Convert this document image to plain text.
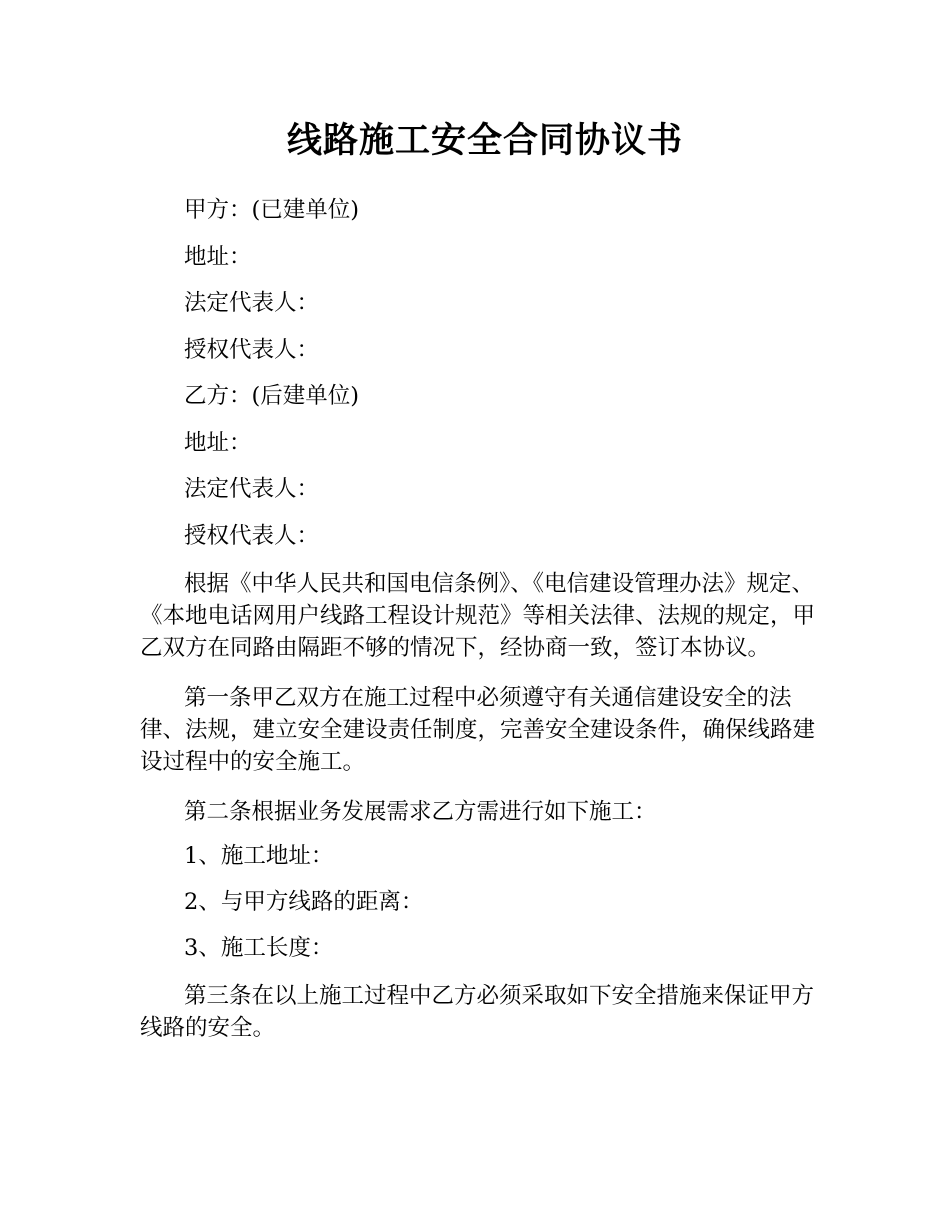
线路施工安全合同协议书

甲方：(已建单位)

地址：

法定代表人：

授权代表人：

乙方：(后建单位)

地址：

法定代表人：

授权代表人：

根据《中华人民共和国电信条例》、《电信建设管理办法》规定、《本地电话网用户线路工程设计规范》等相关法律、法规的规定，甲乙双方在同路由隔距不够的情况下，经协商一致，签订本协议。

第一条甲乙双方在施工过程中必须遵守有关通信建设安全的法律、法规，建立安全建设责任制度，完善安全建设条件，确保线路建设过程中的安全施工。

第二条根据业务发展需求乙方需进行如下施工：

1、施工地址：

2、与甲方线路的距离：

3、施工长度：

第三条在以上施工过程中乙方必须采取如下安全措施来保证甲方线路的安全。
